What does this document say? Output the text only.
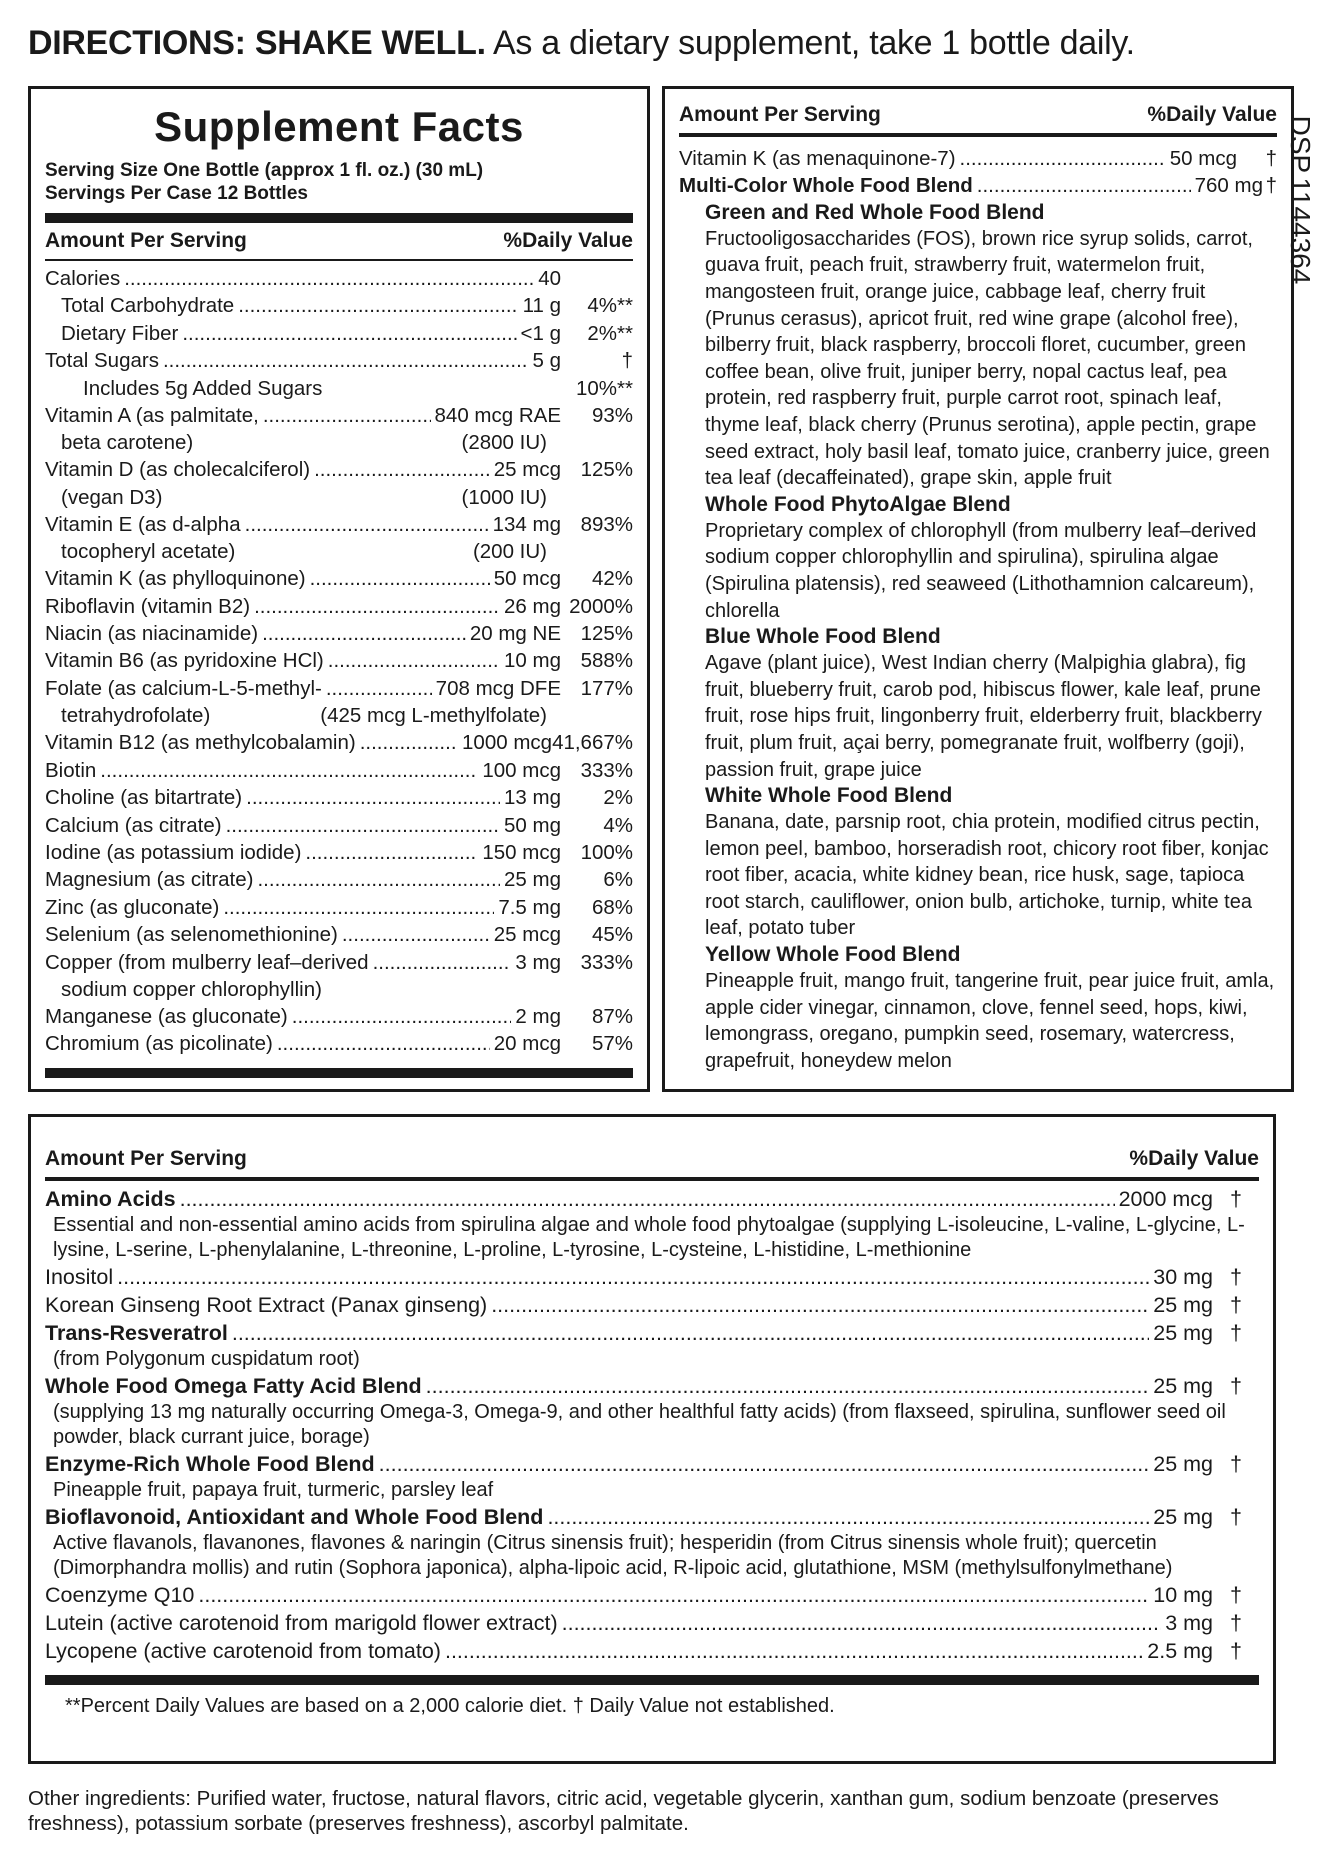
DIRECTIONS: SHAKE WELL. As a dietary supplement, take 1 bottle daily.
DSP.1144364
Supplement Facts
Serving Size One Bottle (approx 1 fl. oz.) (30 mL)
Servings Per Case 12 Bottles
Amount Per Serving	%Daily Value
Calories .....	40
Total Carbohydrate .....	11 g	4%**
Dietary Fiber .....	<1 g	2%**
Total Sugars .....	5 g	†
Includes 5g Added Sugars	10%**
Vitamin A (as palmitate, .....	840 mcg RAE	93%
beta carotene)	(2800 IU)
Vitamin D (as cholecalciferol) .....	25 mcg 125%
(vegan D3)	(1000 IU)
Vitamin E (as d-alpha .....	134 mg 893%
tocopheryl acetate)	(200 IU)
Vitamin K (as phylloquinone) .....	50 mcg	42%
Riboflavin (vitamin B2) .....	26 mg 2000%
Niacin (as niacinamide) .....	20 mg NE 125%
Vitamin B6 (as pyridoxine HCl) .....	10 mg 588%
Folate (as calcium-L-5-methyl- .....	708 mcg DFE 177%
tetrahydrofolate)	(425 mcg L-methylfolate)
Vitamin B12 (as methylcobalamin) .....	1000 mcg 41,667%
Biotin .....	100 mcg 333%
Choline (as bitartrate) .....	13 mg	2%
Calcium (as citrate) .....	50 mg	4%
Iodine (as potassium iodide) .....	150 mcg 100%
Magnesium (as citrate) .....	25 mg	6%
Zinc (as gluconate) .....	7.5 mg	68%
Selenium (as selenomethionine) .....	25 mcg	45%
Copper (from mulberry leaf–derived .....	3 mg 333%
sodium copper chlorophyllin)
Manganese (as gluconate) .....	2 mg	87%
Chromium (as picolinate) .....	20 mcg	57%
Amount Per Serving	%Daily Value
Vitamin K (as menaquinone-7) .....	50 mcg	†
Multi-Color Whole Food Blend .....	760 mg †
Green and Red Whole Food Blend
Fructooligosaccharides (FOS), brown rice syrup solids, carrot, guava fruit, peach fruit, strawberry fruit, watermelon fruit, mangosteen fruit, orange juice, cabbage leaf, cherry fruit (Prunus cerasus), apricot fruit, red wine grape (alcohol free), bilberry fruit, black raspberry, broccoli floret, cucumber, green coffee bean, olive fruit, juniper berry, nopal cactus leaf, pea protein, red raspberry fruit, purple carrot root, spinach leaf, thyme leaf, black cherry (Prunus serotina), apple pectin, grape seed extract, holy basil leaf, tomato juice, cranberry juice, green tea leaf (decaffeinated), grape skin, apple fruit
Whole Food PhytoAlgae Blend
Proprietary complex of chlorophyll (from mulberry leaf–derived sodium copper chlorophyllin and spirulina), spirulina algae (Spirulina platensis), red seaweed (Lithothamnion calcareum), chlorella
Blue Whole Food Blend
Agave (plant juice), West Indian cherry (Malpighia glabra), fig fruit, blueberry fruit, carob pod, hibiscus flower, kale leaf, prune fruit, rose hips fruit, lingonberry fruit, elderberry fruit, blackberry fruit, plum fruit, açai berry, pomegranate fruit, wolfberry (goji), passion fruit, grape juice
White Whole Food Blend
Banana, date, parsnip root, chia protein, modified citrus pectin, lemon peel, bamboo, horseradish root, chicory root fiber, konjac root fiber, acacia, white kidney bean, rice husk, sage, tapioca root starch, cauliflower, onion bulb, artichoke, turnip, white tea leaf, potato tuber
Yellow Whole Food Blend
Pineapple fruit, mango fruit, tangerine fruit, pear juice fruit, amla, apple cider vinegar, cinnamon, clove, fennel seed, hops, kiwi, lemongrass, oregano, pumpkin seed, rosemary, watercress, grapefruit, honeydew melon
Amount Per Serving	%Daily Value
Amino Acids .....	2000 mcg †
Essential and non-essential amino acids from spirulina algae and whole food phytoalgae (supplying L-isoleucine, L-valine, L-glycine, L-lysine, L-serine, L-phenylalanine, L-threonine, L-proline, L-tyrosine, L-cysteine, L-histidine, L-methionine
Inositol .....	30 mg †
Korean Ginseng Root Extract (Panax ginseng) .....	25 mg †
Trans-Resveratrol .....	25 mg †
(from Polygonum cuspidatum root)
Whole Food Omega Fatty Acid Blend .....	25 mg †
(supplying 13 mg naturally occurring Omega-3, Omega-9, and other healthful fatty acids) (from flaxseed, spirulina, sunflower seed oil powder, black currant juice, borage)
Enzyme-Rich Whole Food Blend .....	25 mg †
Pineapple fruit, papaya fruit, turmeric, parsley leaf
Bioflavonoid, Antioxidant and Whole Food Blend .....	25 mg †
Active flavanols, flavanones, flavones & naringin (Citrus sinensis fruit); hesperidin (from Citrus sinensis whole fruit); quercetin (Dimorphandra mollis) and rutin (Sophora japonica), alpha-lipoic acid, R-lipoic acid, glutathione, MSM (methylsulfonylmethane)
Coenzyme Q10 .....	10 mg †
Lutein (active carotenoid from marigold flower extract) .....	3 mg †
Lycopene (active carotenoid from tomato) .....	2.5 mg †
**Percent Daily Values are based on a 2,000 calorie diet. † Daily Value not established.
Other ingredients: Purified water, fructose, natural flavors, citric acid, vegetable glycerin, xanthan gum, sodium benzoate (preserves freshness), potassium sorbate (preserves freshness), ascorbyl palmitate.
